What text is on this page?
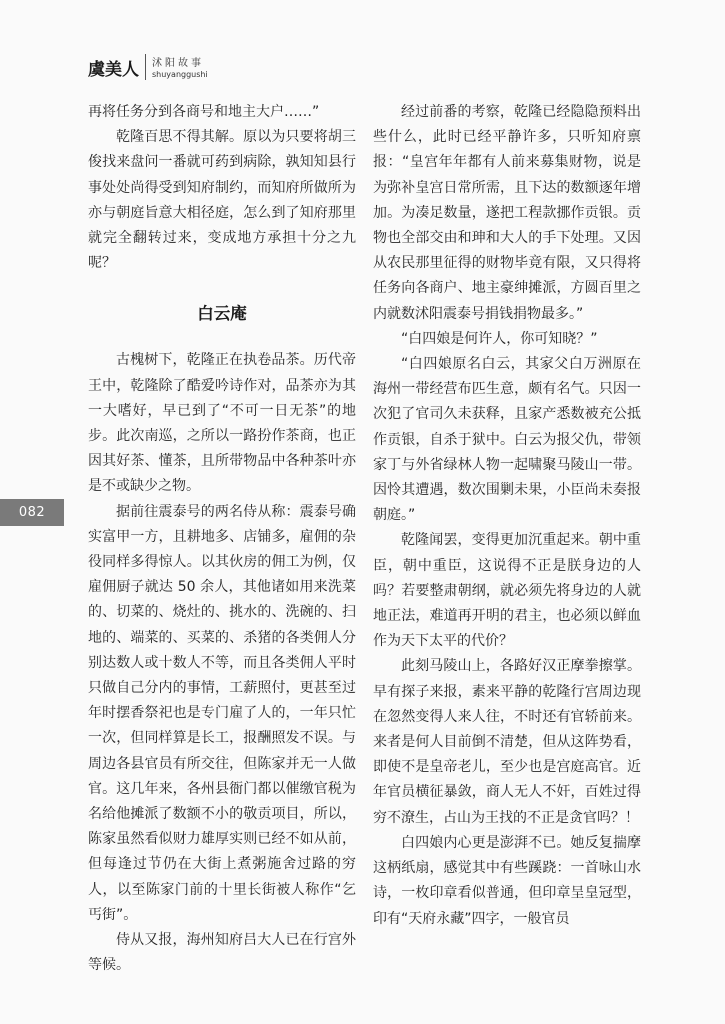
虞美人 沭阳故事
shuyanggushi

再将任务分到各商号和地主大户……”

乾隆百思不得其解。原以为只要将胡三俊找来盘问一番就可药到病除，孰知知县行事处处尚得受到知府制约，而知府所做所为亦与朝庭旨意大相径庭，怎么到了知府那里就完全翻转过来，变成地方承担十分之九呢？

白云庵

古槐树下，乾隆正在执卷品茶。历代帝王中，乾隆除了酷爱吟诗作对，品茶亦为其一大嗜好，早已到了“不可一日无茶”的地步。此次南巡，之所以一路扮作茶商，也正因其好茶、懂茶，且所带物品中各种茶叶亦是不或缺少之物。

据前往震泰号的两名侍从称：震泰号确实富甲一方，且耕地多、店铺多，雇佣的杂役同样多得惊人。以其伙房的佣工为例，仅雇佣厨子就达 50 余人，其他诸如用来洗菜的、切菜的、烧灶的、挑水的、洗碗的、扫地的、端菜的、买菜的、杀猪的各类佣人分别达数人或十数人不等，而且各类佣人平时只做自己分内的事情，工薪照付，更甚至过年时摆香祭祀也是专门雇了人的，一年只忙一次，但同样算是长工，报酬照发不误。与周边各县官员有所交往，但陈家并无一人做官。这几年来，各州县衙门都以催缴官税为名给他摊派了数额不小的敬贡项目，所以，陈家虽然看似财力雄厚实则已经不如从前，但每逢过节仍在大街上煮粥施舍过路的穷人，以至陈家门前的十里长街被人称作“乞丐街”。

侍从又报，海州知府吕大人已在行宫外等候。

经过前番的考察，乾隆已经隐隐预料出些什么，此时已经平静许多，只听知府禀报：“皇宫年年都有人前来募集财物，说是为弥补皇宫日常所需，且下达的数额逐年增加。为凑足数量，遂把工程款挪作贡银。贡物也全部交由和珅和大人的手下处理。又因从农民那里征得的财物毕竟有限，又只得将任务向各商户、地主豪绅摊派，方圆百里之内就数沭阳震泰号捐钱捐物最多。”

“白四娘是何许人，你可知晓？”

“白四娘原名白云，其家父白万洲原在海州一带经营布匹生意，颇有名气。只因一次犯了官司久未获释，且家产悉数被充公抵作贡银，自杀于狱中。白云为报父仇，带领家丁与外省绿林人物一起啸聚马陵山一带。因怜其遭遇，数次围剿未果，小臣尚未奏报朝庭。”

乾隆闻罢，变得更加沉重起来。朝中重臣，朝中重臣，这说得不正是朕身边的人吗？若要整肃朝纲，就必须先将身边的人就地正法，难道再开明的君主，也必须以鲜血作为天下太平的代价？

此刻马陵山上，各路好汉正摩拳擦掌。早有探子来报，素来平静的乾隆行宫周边现在忽然变得人来人往，不时还有官轿前来。来者是何人目前倒不清楚，但从这阵势看，即使不是皇帝老儿，至少也是宫庭高官。近年官员横征暴敛，商人无人不奸，百姓过得穷不潦生，占山为王找的不正是贪官吗？！

白四娘内心更是澎湃不已。她反复揣摩这柄纸扇，感觉其中有些蹊跷：一首咏山水诗，一枚印章看似普通，但印章呈皇冠型，印有“天府永藏”四字，一般官员

082
